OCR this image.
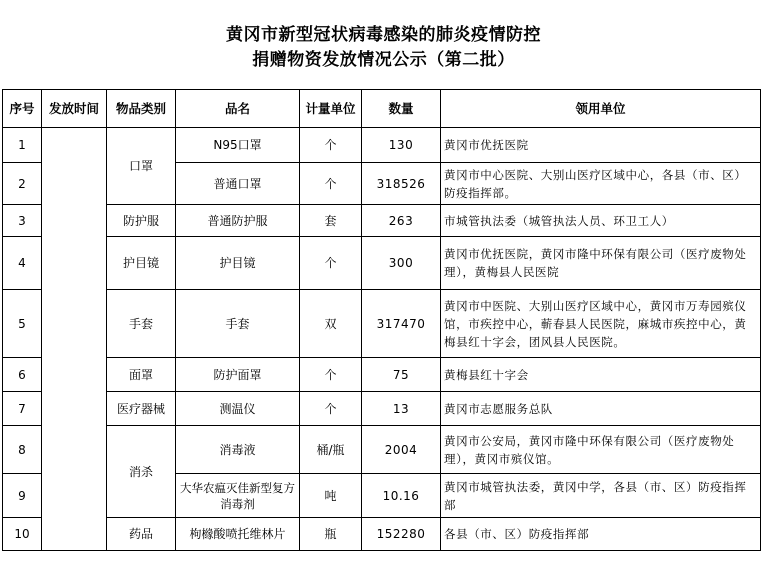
黄冈市新型冠状病毒感染的肺炎疫情防控
捐赠物资发放情况公示（第二批）
序号	发放时间	物品类别	品名	计量单位	数量	领用单位
1		口罩	N95口罩	个	130	黄冈市优抚医院
2			普通口罩	个	318526	黄冈市中心医院、大别山医疗区域中心，各县（市、区）防疫指挥部。
3		防护服	普通防护服	套	263	市城管执法委（城管执法人员、环卫工人）
4		护目镜	护目镜	个	300	黄冈市优抚医院，黄冈市隆中环保有限公司（医疗废物处理），黄梅县人民医院
5		手套	手套	双	317470	黄冈市中医院、大别山医疗区域中心，黄冈市万寿园殡仪馆，市疾控中心，蕲春县人民医院，麻城市疾控中心，黄梅县红十字会，团风县人民医院。
6		面罩	防护面罩	个	75	黄梅县红十字会
7		医疗器械	测温仪	个	13	黄冈市志愿服务总队
8		消杀	消毒液	桶/瓶	2004	黄冈市公安局，黄冈市隆中环保有限公司（医疗废物处理），黄冈市殡仪馆。
9			大华农瘟灭佳新型复方消毒剂	吨	10.16	黄冈市城管执法委，黄冈中学，各县（市、区）防疫指挥部
10		药品	枸橼酸喷托维林片	瓶	152280	各县（市、区）防疫指挥部
